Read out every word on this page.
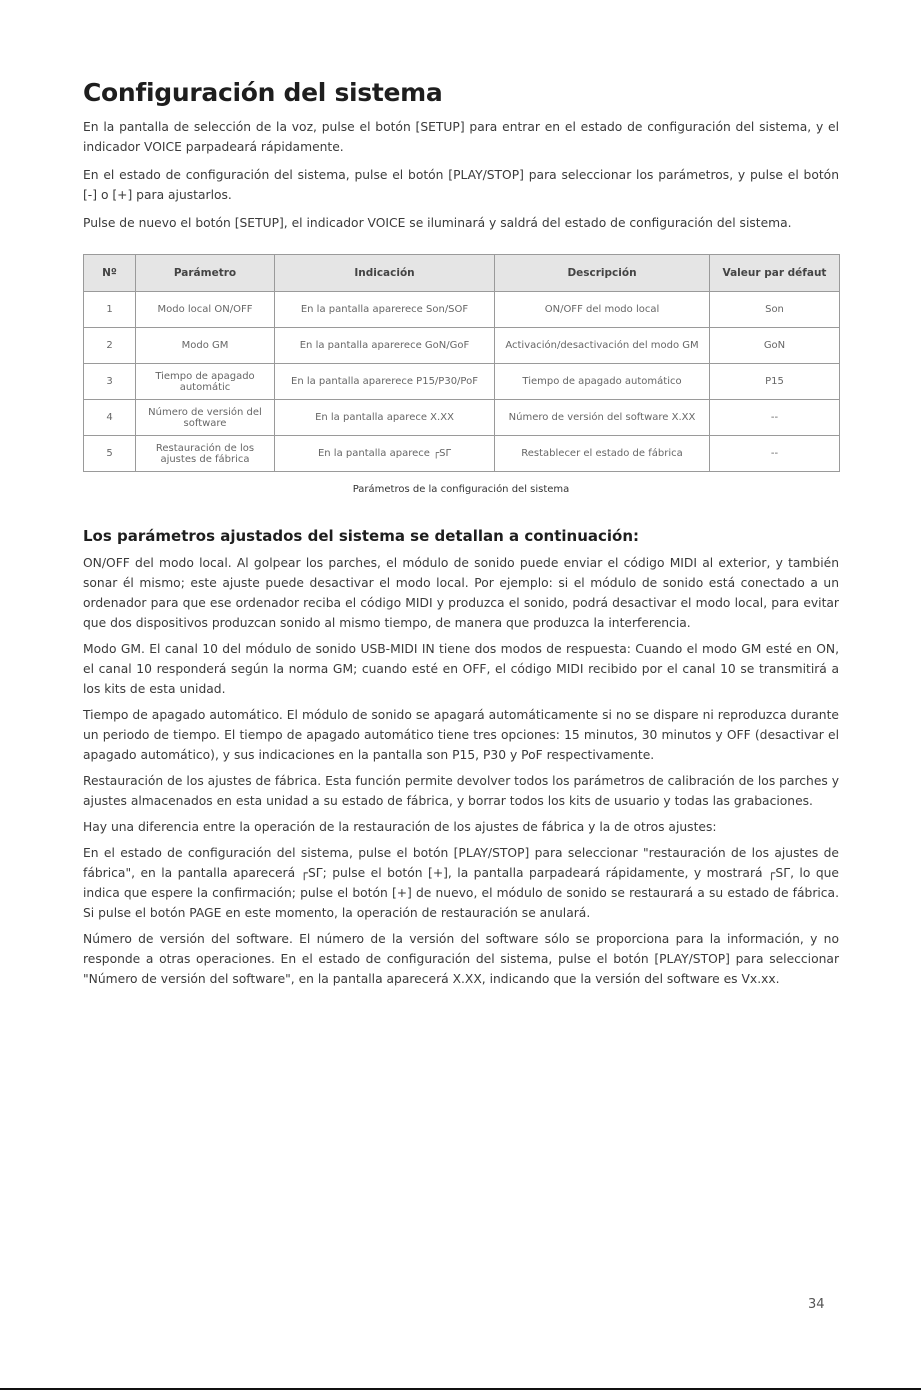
Configuración del sistema

En la pantalla de selección de la voz, pulse el botón [SETUP] para entrar en el estado de configuración del sistema, y el indicador VOICE parpadeará rápidamente.

En el estado de configuración del sistema, pulse el botón [PLAY/STOP] para seleccionar los parámetros, y pulse el botón [-] o [+] para ajustarlos.

Pulse de nuevo el botón [SETUP], el indicador VOICE se iluminará y saldrá del estado de configuración del sistema.

Nº	Parámetro	Indicación	Descripción	Valeur par défaut
1	Modo local ON/OFF	En la pantalla aparerece Son/SOF	ON/OFF del modo local	Son
2	Modo GM	En la pantalla aparerece GoN/GoF	Activación/desactivación del modo GM	GoN
3	Tiempo de apagado automátic	En la pantalla aparerece P15/P30/PoF	Tiempo de apagado automático	P15
4	Número de versión del software	En la pantalla aparece X.XX	Número de versión del software X.XX	--
5	Restauración de los ajustes de fábrica	En la pantalla aparece ┌SΓ	Restablecer el estado de fábrica	--
Parámetros de la configuración del sistema
Los parámetros ajustados del sistema se detallan a continuación:

ON/OFF del modo local. Al golpear los parches, el módulo de sonido puede enviar el código MIDI al exterior, y también sonar él mismo; este ajuste puede desactivar el modo local. Por ejemplo: si el módulo de sonido está conectado a un ordenador para que ese ordenador reciba el código MIDI y produzca el sonido, podrá desactivar el modo local, para evitar que dos dispositivos produzcan sonido al mismo tiempo, de manera que produzca la interferencia.

Modo GM. El canal 10 del módulo de sonido USB-MIDI IN tiene dos modos de respuesta: Cuando el modo GM esté en ON, el canal 10 responderá según la norma GM; cuando esté en OFF, el código MIDI recibido por el canal 10 se transmitirá a los kits de esta unidad.

Tiempo de apagado automático. El módulo de sonido se apagará automáticamente si no se dispare ni reproduzca durante un periodo de tiempo. El tiempo de apagado automático tiene tres opciones: 15 minutos, 30 minutos y OFF (desactivar el apagado automático), y sus indicaciones en la pantalla son P15, P30 y PoF respectivamente.

Restauración de los ajustes de fábrica. Esta función permite devolver todos los parámetros de calibración de los parches y ajustes almacenados en esta unidad a su estado de fábrica, y borrar todos los kits de usuario y todas las grabaciones.

Hay una diferencia entre la operación de la restauración de los ajustes de fábrica y la de otros ajustes:

En el estado de configuración del sistema, pulse el botón [PLAY/STOP] para seleccionar "restauración de los ajustes de fábrica", en la pantalla aparecerá ┌SΓ; pulse el botón [+], la pantalla parpadeará rápidamente, y mostrará ┌SΓ, lo que indica que espere la confirmación; pulse el botón [+] de nuevo, el módulo de sonido se restaurará a su estado de fábrica. Si pulse el botón PAGE en este momento, la operación de restauración se anulará.

Número de versión del software. El número de la versión del software sólo se proporciona para la información, y no responde a otras operaciones. En el estado de configuración del sistema, pulse el botón [PLAY/STOP] para seleccionar "Número de versión del software", en la pantalla aparecerá X.XX, indicando que la versión del software es Vx.xx.

34
